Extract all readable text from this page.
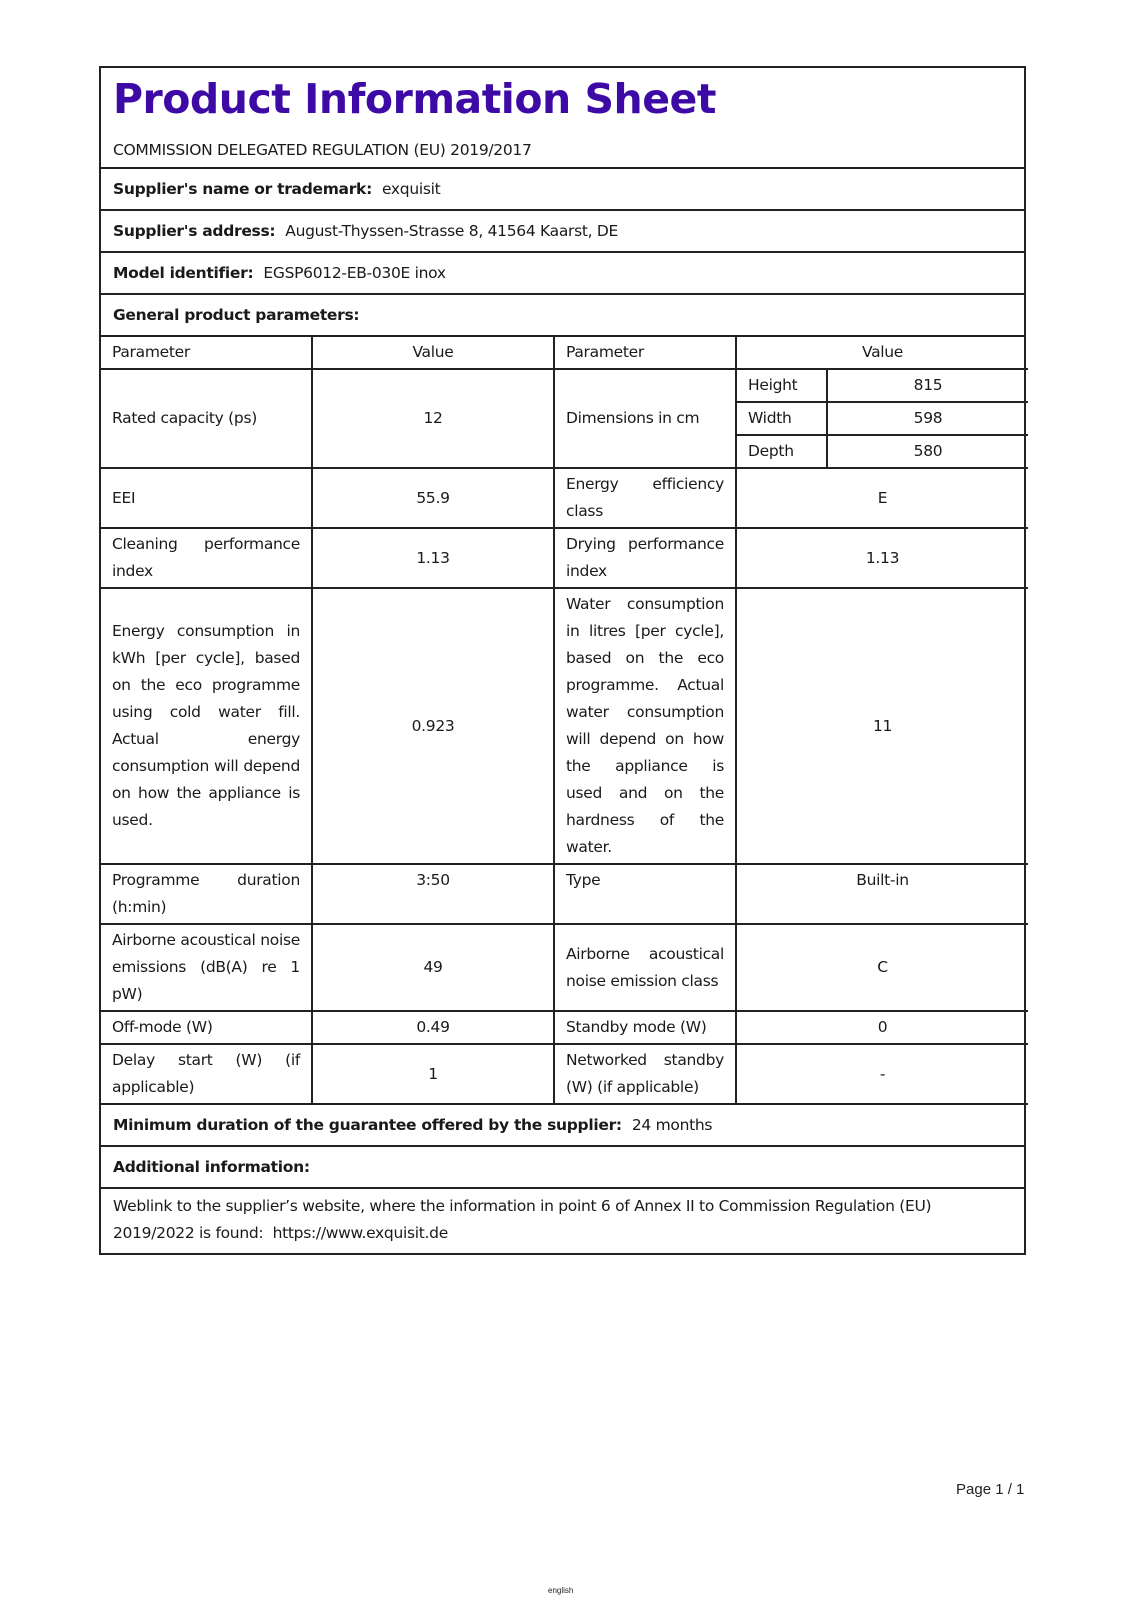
Product Information Sheet
COMMISSION DELEGATED REGULATION (EU) 2019/2017
Supplier's name or trademark: exquisit
Supplier's address: August-Thyssen-Strasse 8, 41564 Kaarst, DE
Model identifier: EGSP6012-EB-030E inox
General product parameters:
Parameter	Value	Parameter	Value	
Rated capacity (ps)	12	Dimensions in cm	Height	815
			Width	598
			Depth	580
EEI	55.9	Energy efficiency class	E	
Cleaning performance index	1.13	Drying performance index	1.13	
Energy consumption in kWh [per cycle], based on the eco programme using cold water fill. Actual energy consumption will depend on how the appliance is used.	0.923	Water consumption in litres [per cycle], based on the eco programme. Actual water consumption will depend on how the appliance is used and on the hardness of the water.	11	
Programme duration (h:min)	3:50	Type	Built-in	
Airborne acoustical noise emissions (dB(A) re 1 pW)	49	Airborne acoustical noise emission class	C	
Off-mode (W)	0.49	Standby mode (W)	0	
Delay start (W) (if applicable)	1	Networked standby (W) (if applicable)	-	
Minimum duration of the guarantee offered by the supplier: 24 months
Additional information:
Weblink to the supplier’s website, where the information in point 6 of Annex II to Commission Regulation (EU) 2019/2022 is found: https://www.exquisit.de
Page 1 / 1
english
